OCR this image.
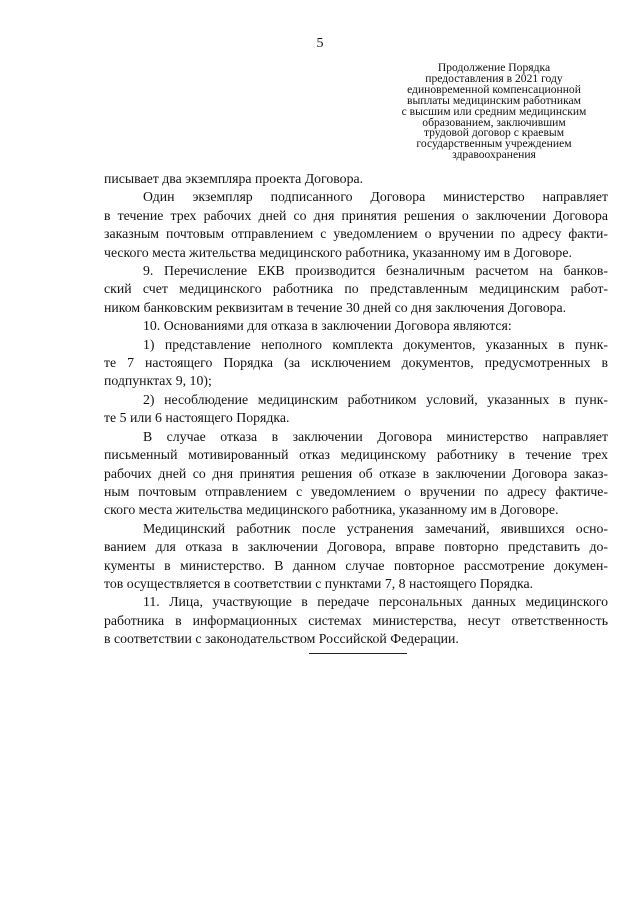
5
Продолжение Порядка
предоставления в 2021 году
единовременной компенсационной
выплаты медицинским работникам
с высшим или средним медицинским
образованием, заключившим
трудовой договор с краевым
государственным учреждением
здравоохранения

писывает два экземпляра проекта Договора.

Один экземпляр подписанного Договора министерство направляет
в течение трех рабочих дней со дня принятия решения о заключении Договора
заказным почтовым отправлением с уведомлением о вручении по адресу факти-
ческого места жительства медицинского работника, указанному им в Договоре.

9. Перечисление ЕКВ производится безналичным расчетом на банков-
ский счет медицинского работника по представленным медицинским работ-
ником банковским реквизитам в течение 30 дней со дня заключения Договора.

10. Основаниями для отказа в заключении Договора являются:

1) представление неполного комплекта документов, указанных в пунк-
те 7 настоящего Порядка (за исключением документов, предусмотренных в
подпунктах 9, 10);

2) несоблюдение медицинским работником условий, указанных в пунк-
те 5 или 6 настоящего Порядка.

В случае отказа в заключении Договора министерство направляет
письменный мотивированный отказ медицинскому работнику в течение трех
рабочих дней со дня принятия решения об отказе в заключении Договора заказ-
ным почтовым отправлением с уведомлением о вручении по адресу фактиче-
ского места жительства медицинского работника, указанному им в Договоре.

Медицинский работник после устранения замечаний, явившихся осно-
ванием для отказа в заключении Договора, вправе повторно представить до-
кументы в министерство. В данном случае повторное рассмотрение докумен-
тов осуществляется в соответствии с пунктами 7, 8 настоящего Порядка.

11. Лица, участвующие в передаче персональных данных медицинского
работника в информационных системах министерства, несут ответственность
в соответствии с законодательством Российской Федерации.
